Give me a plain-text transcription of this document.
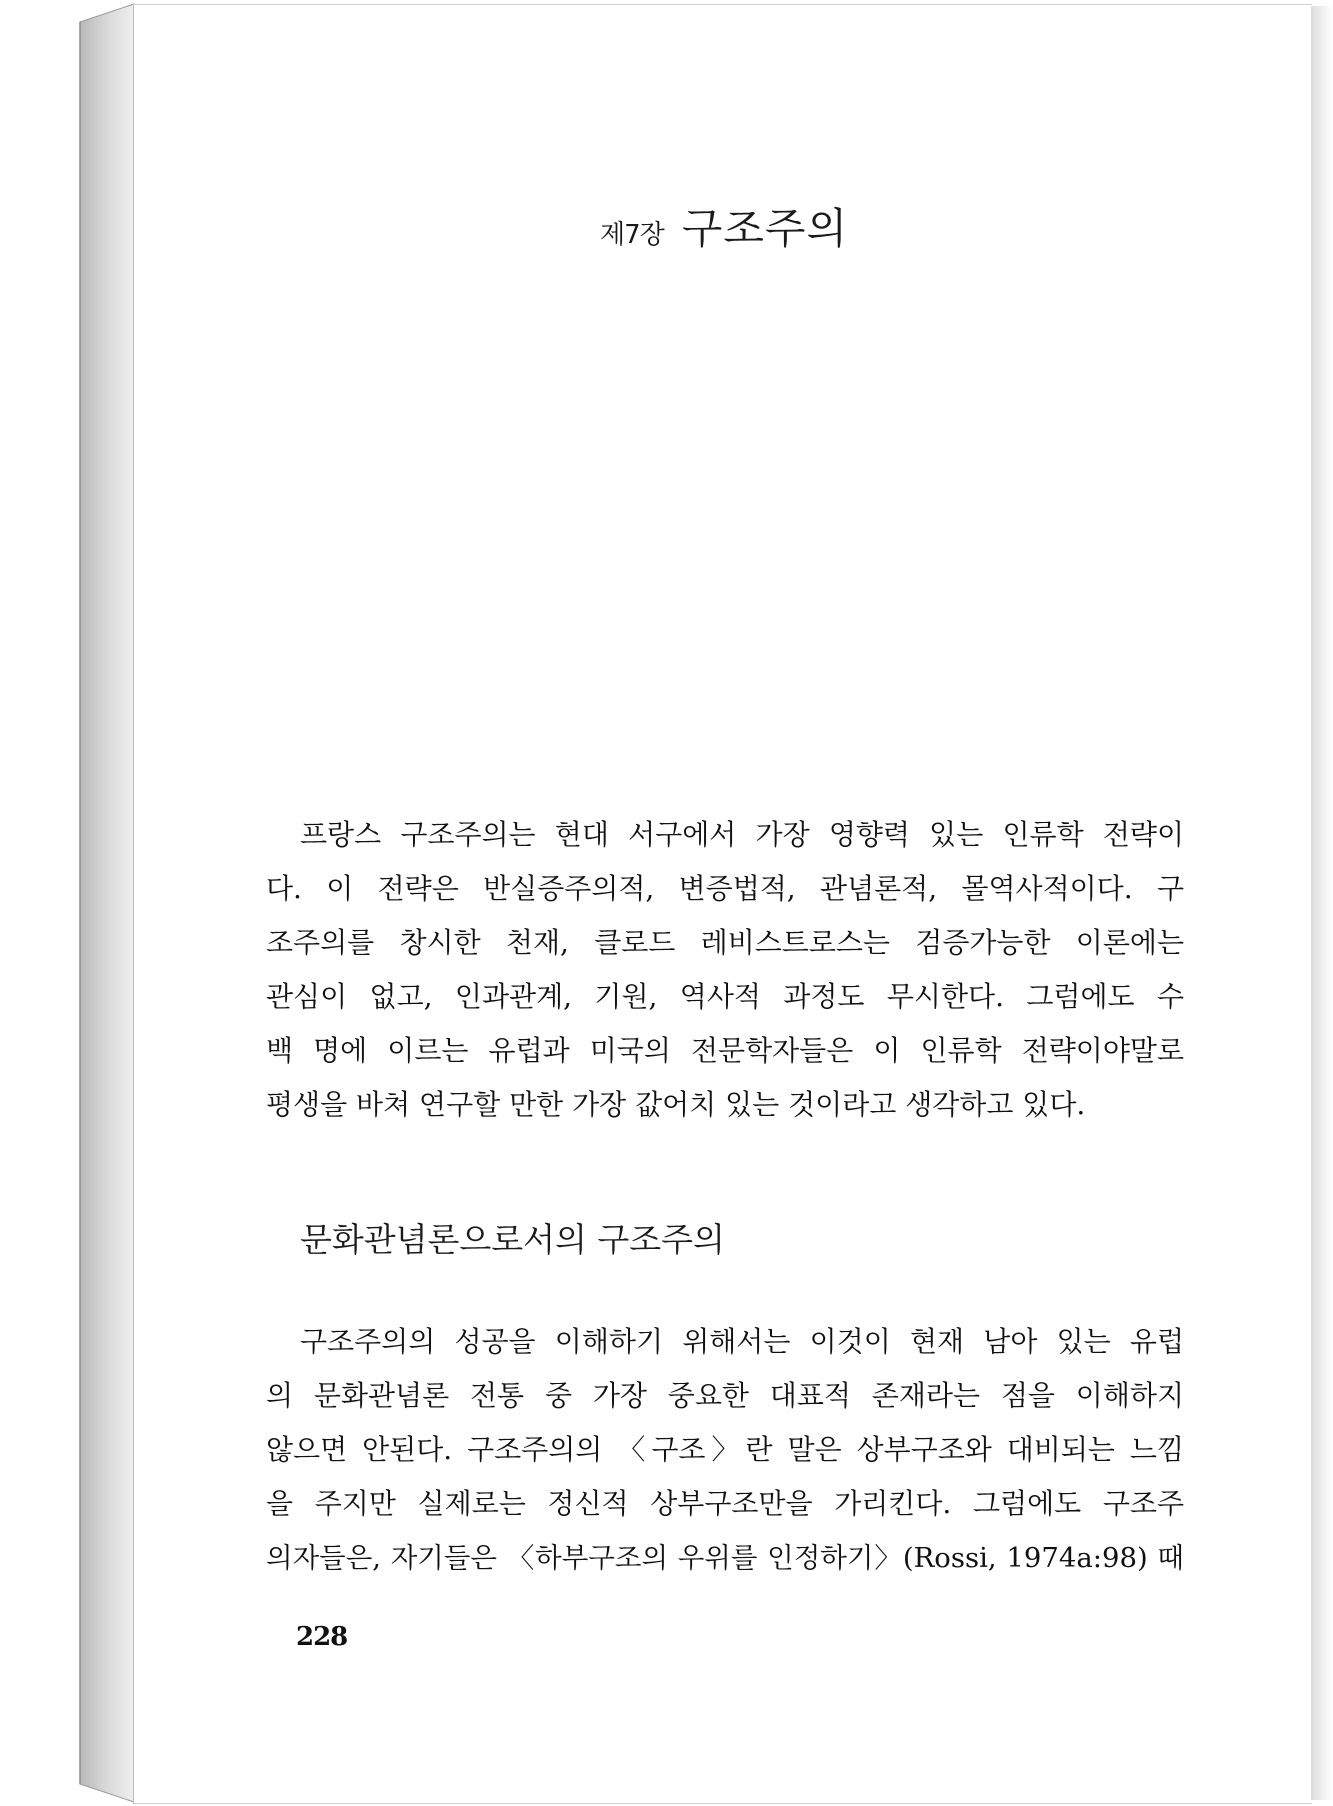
제7장 구조주의
프랑스 구조주의는 현대 서구에서 가장 영향력 있는 인류학 전략이
다. 이 전략은 반실증주의적, 변증법적, 관념론적, 몰역사적이다. 구
조주의를 창시한 천재, 클로드 레비스트로스는 검증가능한 이론에는
관심이 없고, 인과관계, 기원, 역사적 과정도 무시한다. 그럼에도 수
백 명에 이르는 유럽과 미국의 전문학자들은 이 인류학 전략이야말로
평생을 바쳐 연구할 만한 가장 값어치 있는 것이라고 생각하고 있다.
문화관념론으로서의 구조주의
구조주의의 성공을 이해하기 위해서는 이것이 현재 남아 있는 유럽
의 문화관념론 전통 중 가장 중요한 대표적 존재라는 점을 이해하지
않으면 안된다. 구조주의의 〈구조〉란 말은 상부구조와 대비되는 느낌
을 주지만 실제로는 정신적 상부구조만을 가리킨다. 그럼에도 구조주
의자들은, 자기들은 〈하부구조의 우위를 인정하기〉(Rossi, 1974a:98) 때
228
